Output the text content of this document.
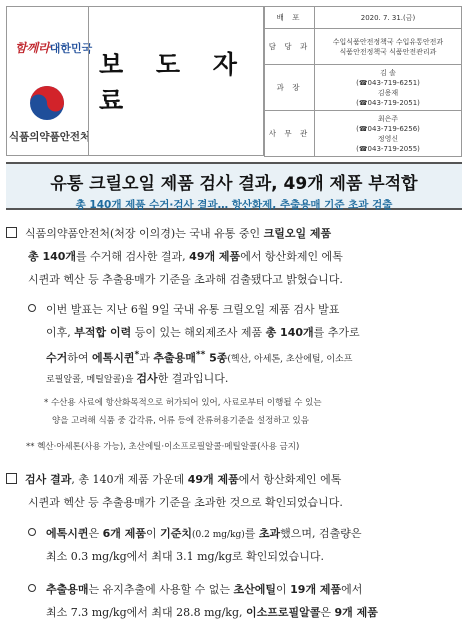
함께라대한민국
식품의약품안전처
보 도 자 료
배 포	2020. 7. 31.(금)
담 당 과	수입식품안전정책국 수입유통안전과
식품안전정책국 식품안전관리과

과 장	김 솔
(☎043-719-6251)
김용재
(☎043-719-2051)

사 무 관	최은주
(☎043-719-6256)
정영신
(☎043-719-2055)
유통 크릴오일 제품 검사 결과, 49개 제품 부적합
총 140개 제품 수거·검사 결과… 항산화제, 추출용매 기준 초과 검출
식품의약품안전처(처장 이의경)는 국내 유통 중인 크릴오일 제품
총 140개를 수거해 검사한 결과, 49개 제품에서 항산화제인 에톡
시퀸과 헥산 등 추출용매가 기준을 초과해 검출됐다고 밝혔습니다.
이번 발표는 지난 6월 9일 국내 유통 크릴오일 제품 검사 발표
이후, 부적합 이력 등이 있는 해외제조사 제품 총 140개를 추가로
수거하여 에톡시퀸*과 추출용매** 5종(헥산, 아세톤, 초산에틸, 이소프
로필알콜, 메틸알콜)을 검사한 결과입니다.
* 수산용 사료에 항산화목적으로 허가되어 있어, 사료로부터 이행될 수 있는
양을 고려해 식품 중 갑각류, 어류 등에 잔류허용기준을 설정하고 있음
** 헥산·아세톤(사용 가능), 초산에틸·이소프로필알콜·메틸알콜(사용 금지)
검사 결과, 총 140개 제품 가운데 49개 제품에서 항산화제인 에톡
시퀸과 헥산 등 추출용매가 기준을 초과한 것으로 확인되었습니다.
에톡시퀸은 6개 제품이 기준치(0.2 mg/kg)를 초과했으며, 검출량은
최소 0.3 mg/kg에서 최대 3.1 mg/kg로 확인되었습니다.
추출용매는 유지추출에 사용할 수 없는 초산에틸이 19개 제품에서
최소 7.3 mg/kg에서 최대 28.8 mg/kg, 이소프로필알콜은 9개 제품
